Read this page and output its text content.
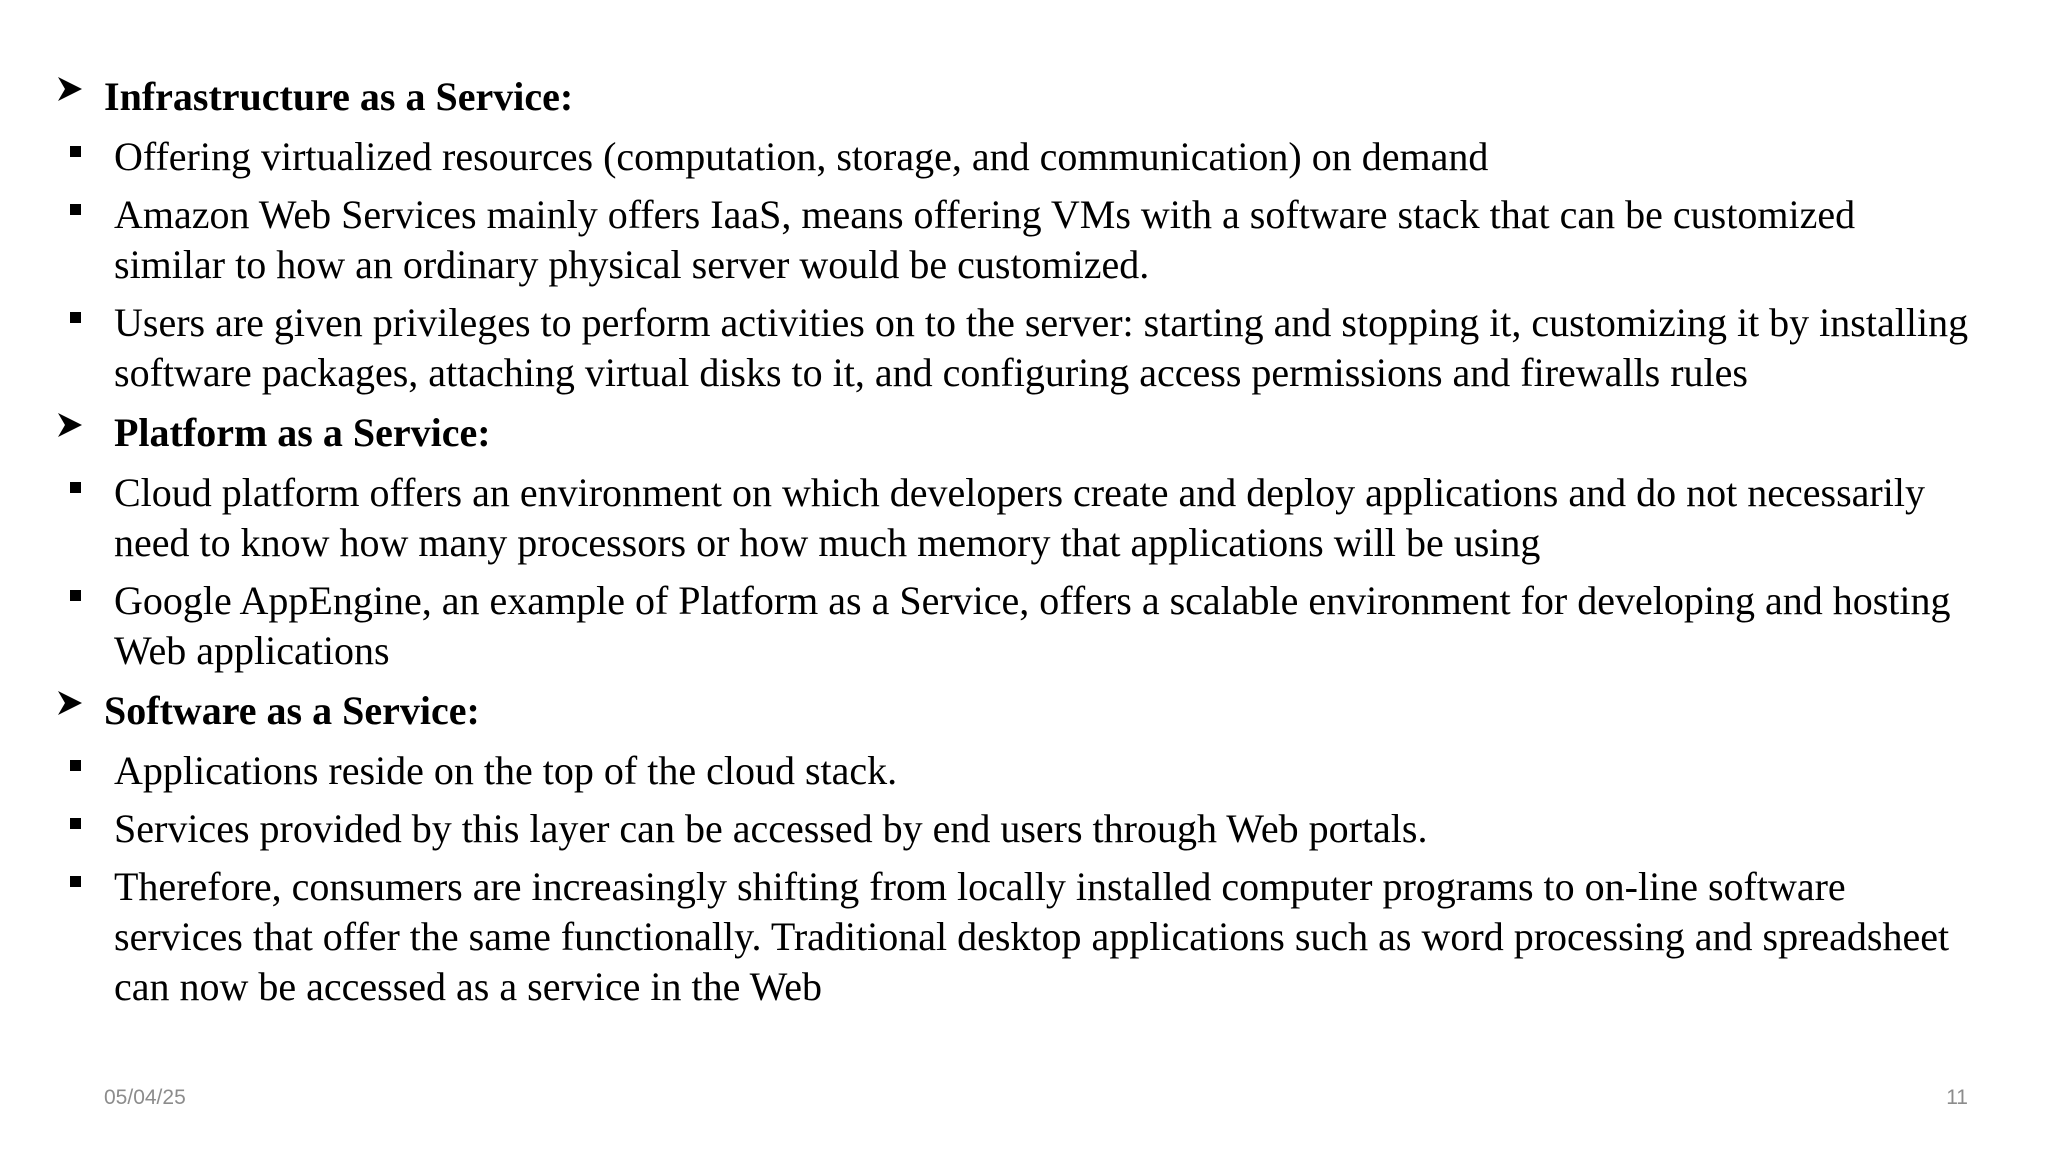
Infrastructure as a Service:
Offering virtualized resources (computation, storage, and communication) on demand
Amazon Web Services mainly offers IaaS, means offering VMs with a software stack that can be customized similar to how an ordinary physical server would be customized.
Users are given privileges to perform activities on to the server: starting and stopping it, customizing it by installing software packages, attaching virtual disks to it, and configuring access permissions and firewalls rules
Platform as a Service:
Cloud platform offers an environment on which developers create and deploy applications and do not necessarily need to know how many processors or how much memory that applications will be using
Google AppEngine, an example of Platform as a Service, offers a scalable environment for developing and hosting Web applications
Software as a Service:
Applications reside on the top of the cloud stack.
Services provided by this layer can be accessed by end users through Web portals.
Therefore, consumers are increasingly shifting from locally installed computer programs to on-line software services that offer the same functionally. Traditional desktop applications such as word processing and spreadsheet can now be accessed as a service in the Web
05/04/25	11
